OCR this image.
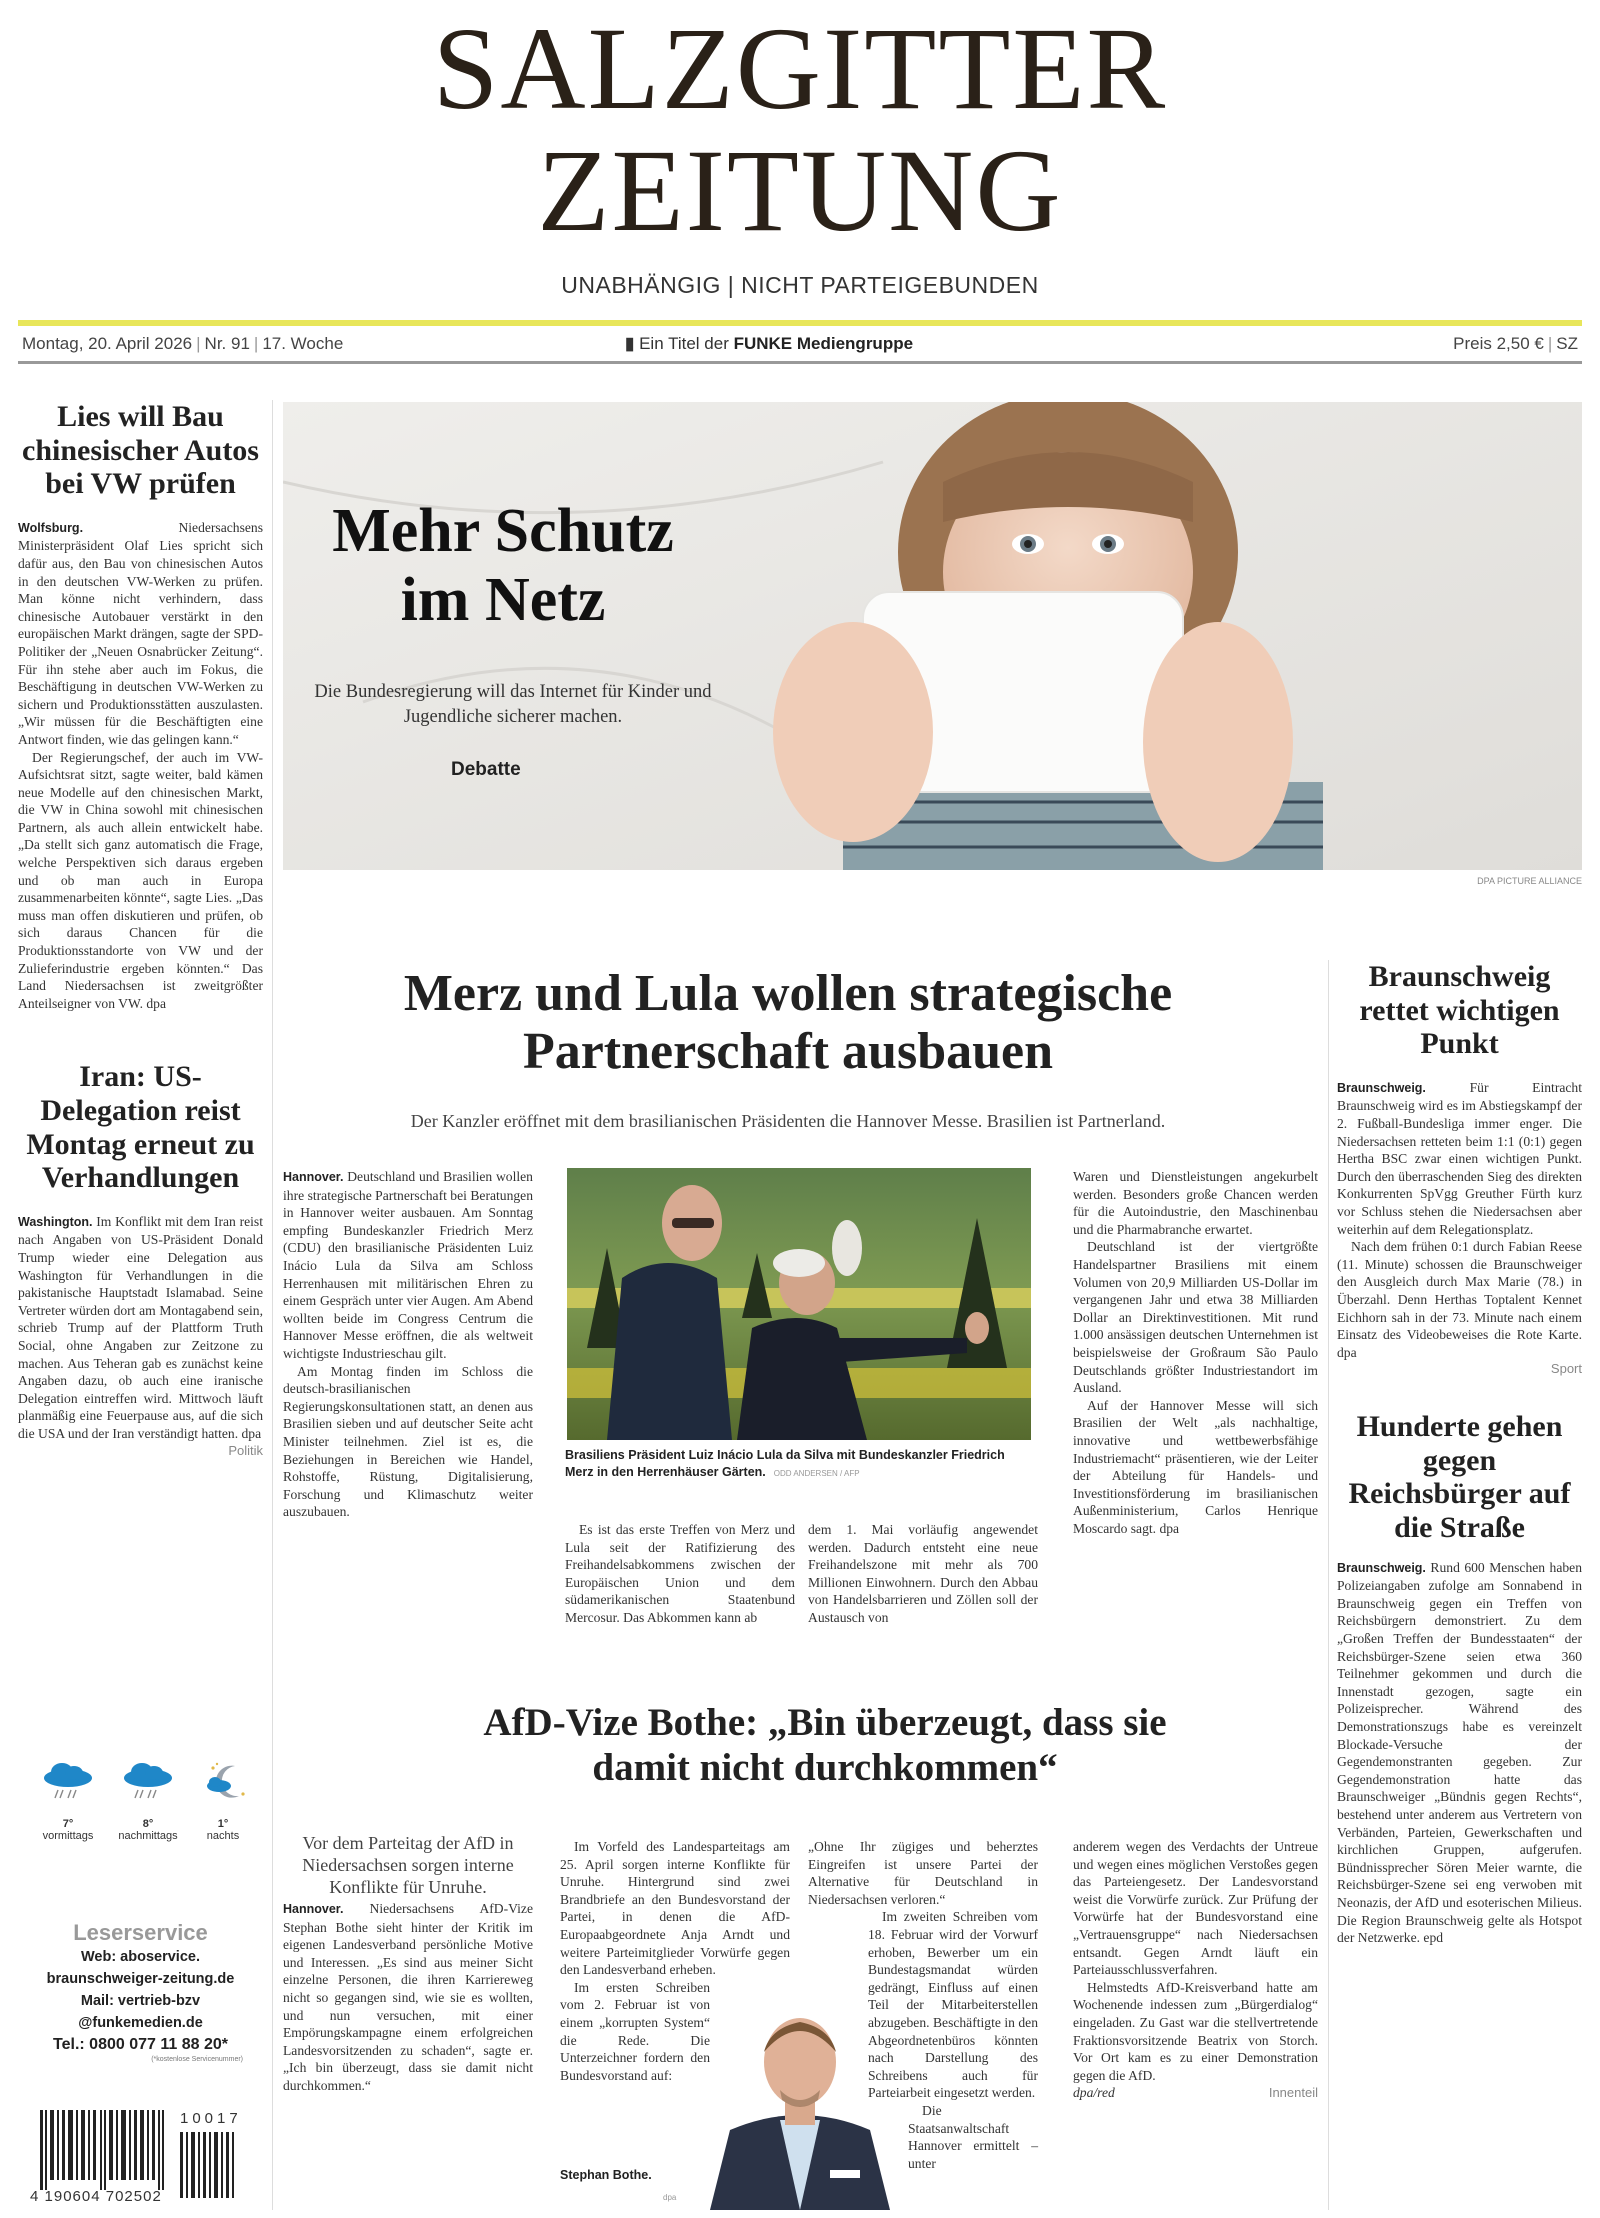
SALZGITTER
ZEITUNG
UNABHÄNGIG | NICHT PARTEIGEBUNDEN
Montag, 20. April 2026 | Nr. 91 | 17. Woche	▮ Ein Titel der FUNKE Mediengruppe	Preis 2,50 € | SZ
Lies will Bau chinesischer Autos bei VW prüfen

Wolfsburg.	Niedersachsens Ministerpräsident Olaf Lies spricht sich dafür aus, den Bau von chinesischen Autos in den deutschen VW-Werken zu prüfen. Man könne nicht verhindern, dass chinesische Autobauer verstärkt in den europäischen Markt drängen, sagte der SPD-Politiker der „Neuen Osnabrücker Zeitung“. Für ihn stehe aber auch im Fokus, die Beschäftigung in deutschen VW-Werken zu sichern und Produktionsstätten auszulasten. „Wir müssen für die Beschäftigten eine Antwort finden, wie das gelingen kann.“

Der Regierungschef, der auch im VW-Aufsichtsrat sitzt, sagte weiter, bald kämen neue Modelle auf den chinesischen Markt, die VW in China sowohl mit chinesischen Partnern, als auch allein entwickelt habe. „Da stellt sich ganz automatisch die Frage, welche Perspektiven sich daraus ergeben und ob man auch in Europa zusammenarbeiten könnte“, sagte Lies. „Das muss man offen diskutieren und prüfen, ob sich daraus Chancen für die Produktionsstandorte von VW und der Zulieferindustrie ergeben könnten.“ Das Land Niedersachsen ist zweitgrößter Anteilseigner von VW. dpa

Iran: US-Delegation reist Montag erneut zu Verhandlungen

Washington. Im Konflikt mit dem Iran reist nach Angaben von US-Präsident Donald Trump wieder eine Delegation aus Washington für Verhandlungen in die pakistanische Hauptstadt Islamabad. Seine Vertreter würden dort am Montagabend sein, schrieb Trump auf der Plattform Truth Social, ohne Angaben zur Zeitzone zu machen. Aus Teheran gab es zunächst keine Angaben dazu, ob auch eine iranische Delegation eintreffen wird. Mittwoch läuft planmäßig eine Feuerpause aus, auf die sich die USA und der Iran verständigt hatten. dpa

Politik
7°
vormittags
8°
nachmittags
1°
nachts
Leserservice
Web: aboservice.
braunschweiger-zeitung.de
Mail: vertrieb-bzv
@funkemedien.de
Tel.: 0800 077 11 88 20*
(*kostenlose Servicenummer)
4 190604 702502
10017
Mehr Schutz im Netz

Die Bundesregierung will das Internet für Kinder und Jugendliche sicherer machen.

Debatte
DPA PICTURE ALLIANCE
Merz und Lula wollen strategische Partnerschaft ausbauen

Der Kanzler eröffnet mit dem brasilianischen Präsidenten die Hannover Messe. Brasilien ist Partnerland.

Hannover. Deutschland und Brasilien wollen ihre strategische Partnerschaft bei Beratungen in Hannover weiter ausbauen. Am Sonntag empfing Bundeskanzler Friedrich Merz (CDU) den brasilianische Präsidenten Luiz Inácio Lula da Silva am Schloss Herrenhausen mit militärischen Ehren zu einem Gespräch unter vier Augen. Am Abend wollten beide im Congress Centrum die Hannover Messe eröffnen, die als weltweit wichtigste Industrieschau gilt.

Am Montag finden im Schloss die deutsch-brasilianischen Regierungskonsultationen statt, an denen aus Brasilien sieben und auf deutscher Seite acht Minister teilnehmen. Ziel ist es, die Beziehungen in Bereichen wie Handel, Rohstoffe, Rüstung, Digitalisierung, Forschung und Klimaschutz weiter auszubauen.

Brasiliens Präsident Luiz Inácio Lula da Silva mit Bundeskanzler Friedrich Merz in den Herrenhäuser Gärten. ODD ANDERSEN / AFP

Es ist das erste Treffen von Merz und Lula seit der Ratifizierung des Freihandelsabkommens zwischen der Europäischen Union und dem südamerikanischen Staatenbund Mercosur. Das Abkommen kann ab

dem 1. Mai vorläufig angewendet werden. Dadurch entsteht eine neue Freihandelszone mit mehr als 700 Millionen Einwohnern. Durch den Abbau von Handelsbarrieren und Zöllen soll der Austausch von

Waren und Dienstleistungen angekurbelt werden. Besonders große Chancen werden für die Autoindustrie, den Maschinenbau und die Pharmabranche erwartet.

Deutschland ist der viertgrößte Handelspartner Brasiliens mit einem Volumen von 20,9 Milliarden US-Dollar im vergangenen Jahr und etwa 38 Milliarden Dollar an Direktinvestitionen. Mit rund 1.000 ansässigen deutschen Unternehmen ist beispielsweise der Großraum São Paulo Deutschlands größter Industriestandort im Ausland.

Auf der Hannover Messe will sich Brasilien der Welt „als nachhaltige, innovative und wettbewerbsfähige Industriemacht“ präsentieren, wie der Leiter der Abteilung für Handels- und Investitionsförderung im brasilianischen Außenministerium, Carlos Henrique Moscardo sagt. dpa

Braunschweig rettet wichtigen Punkt

Braunschweig.	Für Eintracht Braunschweig wird es im Abstiegskampf der 2. Fußball-Bundesliga immer enger. Die Niedersachsen retteten beim 1:1 (0:1) gegen Hertha BSC zwar einen wichtigen Punkt. Durch den überraschenden Sieg des direkten Konkurrenten SpVgg Greuther Fürth kurz vor Schluss stehen die Niedersachsen aber weiterhin auf dem Relegationsplatz.

Nach dem frühen 0:1 durch Fabian Reese (11. Minute) schossen die Braunschweiger den Ausgleich durch Max Marie (78.) in Überzahl. Denn Herthas Toptalent Kennet Eichhorn sah in der 73. Minute nach einem Einsatz des Videobeweises die Rote Karte. dpa

Sport
Hunderte gehen gegen Reichsbürger auf die Straße

Braunschweig. Rund 600 Menschen haben Polizeiangaben zufolge am Sonnabend in Braunschweig gegen ein Treffen von Reichsbürgern demonstriert. Zu dem „Großen Treffen der Bundesstaaten“ der Reichsbürger-Szene seien etwa 360 Teilnehmer gekommen und durch die Innenstadt gezogen, sagte ein Polizeisprecher. Während des Demonstrationszugs habe es vereinzelt Blockade-Versuche der Gegendemonstranten gegeben. Zur Gegendemonstration hatte das Braunschweiger „Bündnis gegen Rechts“, bestehend unter anderem aus Vertretern von Verbänden, Parteien, Gewerkschaften und kirchlichen Gruppen, aufgerufen. Bündnissprecher Sören Meier warnte, die Reichsbürger-Szene sei eng verwoben mit Neonazis, der AfD und esoterischen Milieus. Die Region Braunschweig gelte als Hotspot der Netzwerke. epd

AfD-Vize Bothe: „Bin überzeugt, dass sie damit nicht durchkommen“

Vor dem Parteitag der AfD in Niedersachsen sorgen interne Konflikte für Unruhe.

Hannover. Niedersachsens AfD-Vize Stephan Bothe sieht hinter der Kritik im eigenen Landesverband persönliche Motive und Interessen. „Es sind aus meiner Sicht einzelne Personen, die ihren Karriereweg nicht so gegangen sind, wie sie es wollten, und nun versuchen, mit einer Empörungskampagne einem erfolgreichen Landesvorsitzenden zu schaden“, sagte er. „Ich bin überzeugt, dass sie damit nicht durchkommen.“

Im Vorfeld des Landesparteitags am 25. April sorgen interne Konflikte für Unruhe. Hintergrund sind zwei Brandbriefe an den Bundesvorstand der Partei, in denen die AfD-Europaabgeordnete Anja Arndt und weitere Parteimitglieder Vorwürfe gegen den Landesverband erheben.

Im ersten Schreiben vom 2. Februar ist von einem „korrupten System“ die Rede. Die Unterzeichner fordern den Bundesvorstand auf:

Stephan Bothe.

„Ohne Ihr zügiges und beherztes Eingreifen ist unsere Partei der Alternative für Deutschland in Niedersachsen verloren.“

Im zweiten Schreiben vom 18. Februar wird der Vorwurf erhoben, Bewerber um ein Bundestagsmandat würden gedrängt, Einfluss auf einen Teil der Mitarbeiterstellen abzugeben. Beschäftigte in den Abgeordnetenbüros könnten nach Darstellung des Schreibens auch für Parteiarbeit eingesetzt werden.

Die Staatsanwaltschaft Hannover ermittelt – unter

anderem wegen des Verdachts der Untreue und wegen eines möglichen Verstoßes gegen das Parteiengesetz. Der Landesvorstand weist die Vorwürfe zurück. Zur Prüfung der Vorwürfe hat der Bundesvorstand eine „Vertrauensgruppe“ nach Niedersachsen entsandt. Gegen Arndt läuft ein Parteiausschlussverfahren.

Helmstedts AfD-Kreisverband hatte am Wochenende indessen zum „Bürgerdialog“ eingeladen. Zu Gast war die stellvertretende Fraktionsvorsitzende Beatrix von Storch. Vor Ort kam es zu einer Demonstration gegen die AfD.

dpa/red	Innenteil
dpa
